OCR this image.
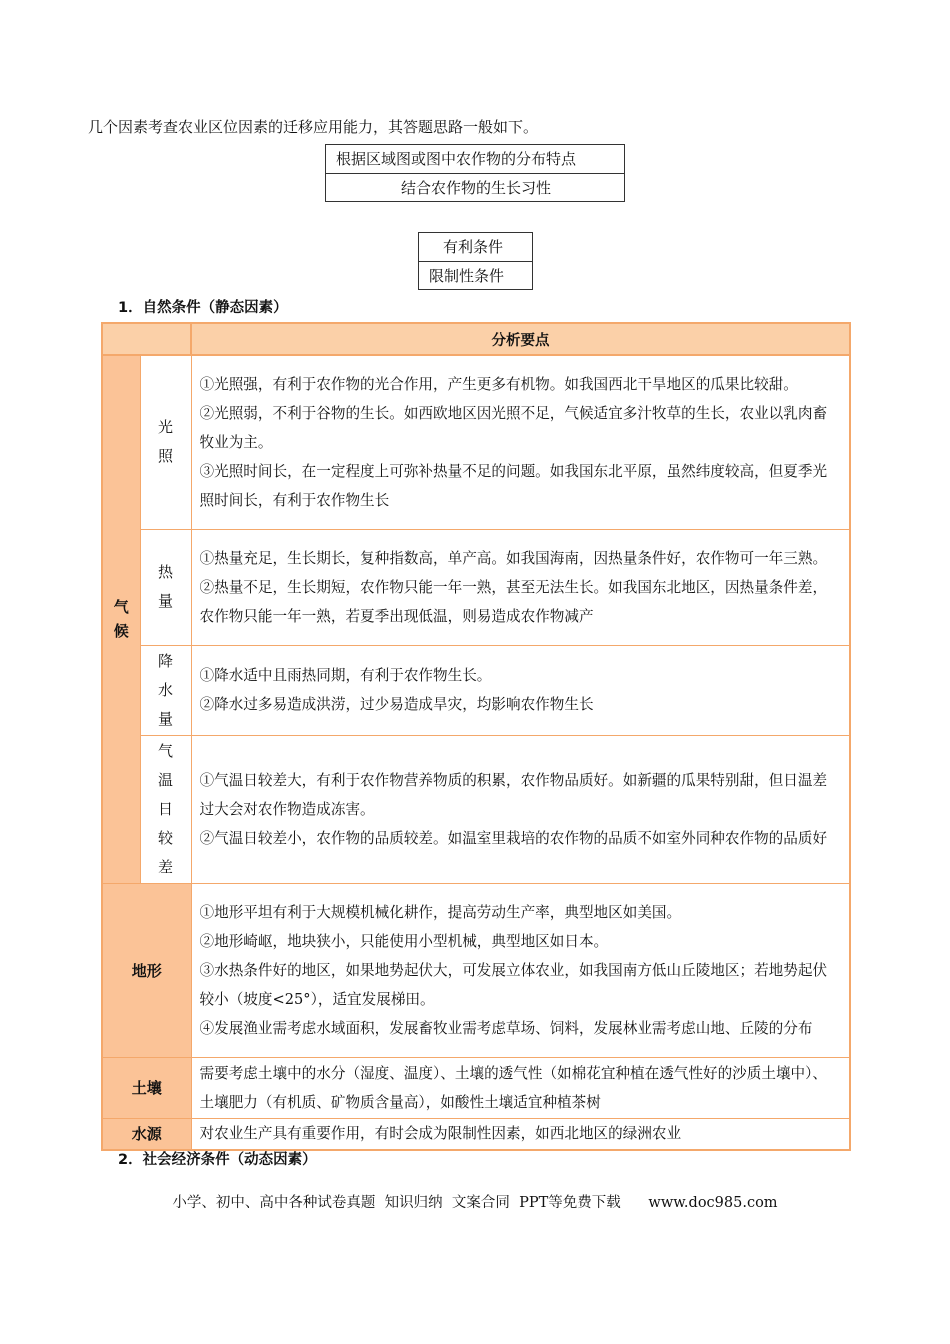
几个因素考查农业区位因素的迁移应用能力，其答题思路一般如下。
根据区域图或图中农作物的分布特点
结合农作物的生长习性
有利条件
限制性条件
1．自然条件（静态因素）
		分析要点

气候	光照	①光照强，有利于农作物的光合作用，产生更多有机物。如我国西北干旱地区的瓜果比较甜。

②光照弱，不利于谷物的生长。如西欧地区因光照不足，气候适宜多汁牧草的生长，农业以乳肉畜牧业为主。

③光照时间长，在一定程度上可弥补热量不足的问题。如我国东北平原，虽然纬度较高，但夏季光照时间长，有利于农作物生长

	热量	①热量充足，生长期长，复种指数高，单产高。如我国海南，因热量条件好，农作物可一年三熟。

②热量不足，生长期短，农作物只能一年一熟，甚至无法生长。如我国东北地区，因热量条件差，农作物只能一年一熟，若夏季出现低温，则易造成农作物减产

	降水量	①降水适中且雨热同期，有利于农作物生长。

②降水过多易造成洪涝，过少易造成旱灾，均影响农作物生长

	气温日较差	①气温日较差大，有利于农作物营养物质的积累，农作物品质好。如新疆的瓜果特别甜，但日温差过大会对农作物造成冻害。

②气温日较差小，农作物的品质较差。如温室里栽培的农作物的品质不如室外同种农作物的品质好

地形		①地形平坦有利于大规模机械化耕作，提高劳动生产率，典型地区如美国。

②地形崎岖，地块狭小，只能使用小型机械，典型地区如日本。

③水热条件好的地区，如果地势起伏大，可发展立体农业，如我国南方低山丘陵地区；若地势起伏较小（坡度<25°），适宜发展梯田。

④发展渔业需考虑水域面积，发展畜牧业需考虑草场、饲料，发展林业需考虑山地、丘陵的分布

土壤		需要考虑土壤中的水分（湿度、温度）、土壤的透气性（如棉花宜种植在透气性好的沙质土壤中）、土壤肥力（有机质、矿物质含量高），如酸性土壤适宜种植茶树

水源		对农业生产具有重要作用，有时会成为限制性因素，如西北地区的绿洲农业

2．社会经济条件（动态因素）
小学、初中、高中各种试卷真题  知识归纳  文案合同  PPT等免费下载      www.doc985.com
